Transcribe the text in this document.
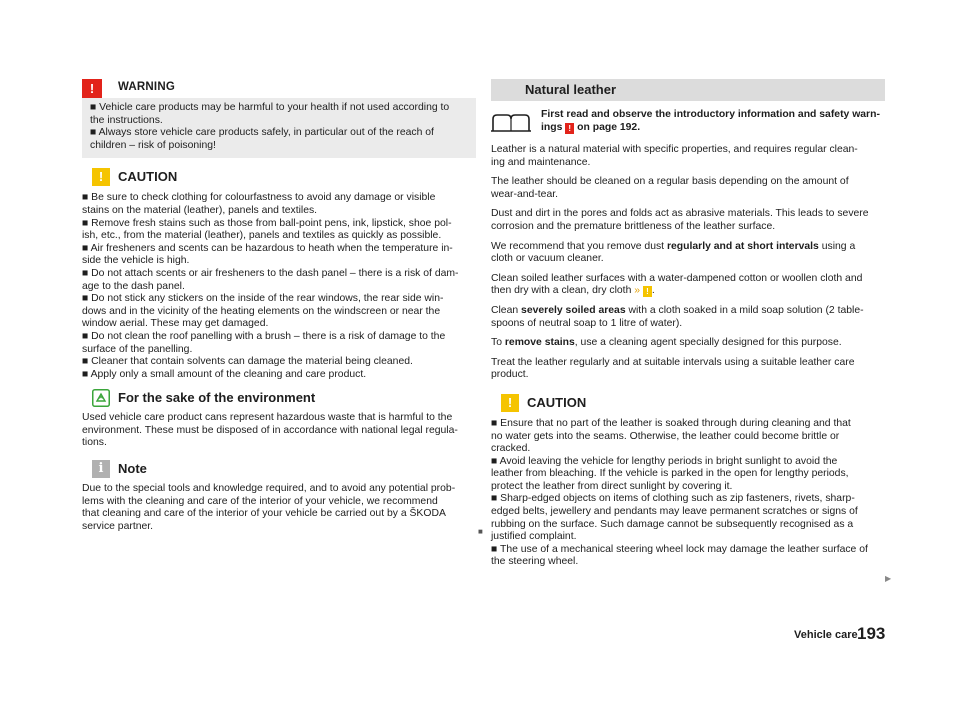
!	WARNING

■ Vehicle care products may be harmful to your health if not used according to

the instructions.

■ Always store vehicle care products safely, in particular out of the reach of

children – risk of poisoning!

!	CAUTION

■ Be sure to check clothing for colourfastness to avoid any damage or visible

stains on the material (leather), panels and textiles.

■ Remove fresh stains such as those from ball-point pens, ink, lipstick, shoe pol-

ish, etc., from the material (leather), panels and textiles as quickly as possible.

■ Air fresheners and scents can be hazardous to heath when the temperature in-

side the vehicle is high.

■ Do not attach scents or air fresheners to the dash panel – there is a risk of dam-

age to the dash panel.

■ Do not stick any stickers on the inside of the rear windows, the rear side win-

dows and in the vicinity of the heating elements on the windscreen or near the

window aerial. These may get damaged.

■ Do not clean the roof panelling with a brush – there is a risk of damage to the

surface of the panelling.

■ Cleaner that contain solvents can damage the material being cleaned.

■ Apply only a small amount of the cleaning and care product.

For the sake of the environment

Used vehicle care product cans represent hazardous waste that is harmful to the

environment. These must be disposed of in accordance with national legal regula-

tions.

i	Note

Due to the special tools and knowledge required, and to avoid any potential prob-

lems with the cleaning and care of the interior of your vehicle, we recommend

that cleaning and care of the interior of your vehicle be carried out by a ŠKODA

service partner.	■
Natural leather
First read and observe the introductory information and safety warn-
ings ! on page 192.

Leather is a natural material with specific properties, and requires regular clean-

ing and maintenance.

The leather should be cleaned on a regular basis depending on the amount of

wear-and-tear.

Dust and dirt in the pores and folds act as abrasive materials. This leads to severe

corrosion and the premature brittleness of the leather surface.

We recommend that you remove dust regularly and at short intervals using a

cloth or vacuum cleaner.

Clean soiled leather surfaces with a water-dampened cotton or woollen cloth and

then dry with a clean, dry cloth » ! .

Clean severely soiled areas with a cloth soaked in a mild soap solution (2 table-

spoons of neutral soap to 1 litre of water).

To remove stains, use a cleaning agent specially designed for this purpose.

Treat the leather regularly and at suitable intervals using a suitable leather care

product.

!	CAUTION

■ Ensure that no part of the leather is soaked through during cleaning and that

no water gets into the seams. Otherwise, the leather could become brittle or

cracked.

■ Avoid leaving the vehicle for lengthy periods in bright sunlight to avoid the

leather from bleaching. If the vehicle is parked in the open for lengthy periods,

protect the leather from direct sunlight by covering it.

■ Sharp-edged objects on items of clothing such as zip fasteners, rivets, sharp-

edged belts, jewellery and pendants may leave permanent scratches or signs of

rubbing on the surface. Such damage cannot be subsequently recognised as a

justified complaint.

■ The use of a mechanical steering wheel lock may damage the leather surface of

the steering wheel.

▶
Vehicle care 193
